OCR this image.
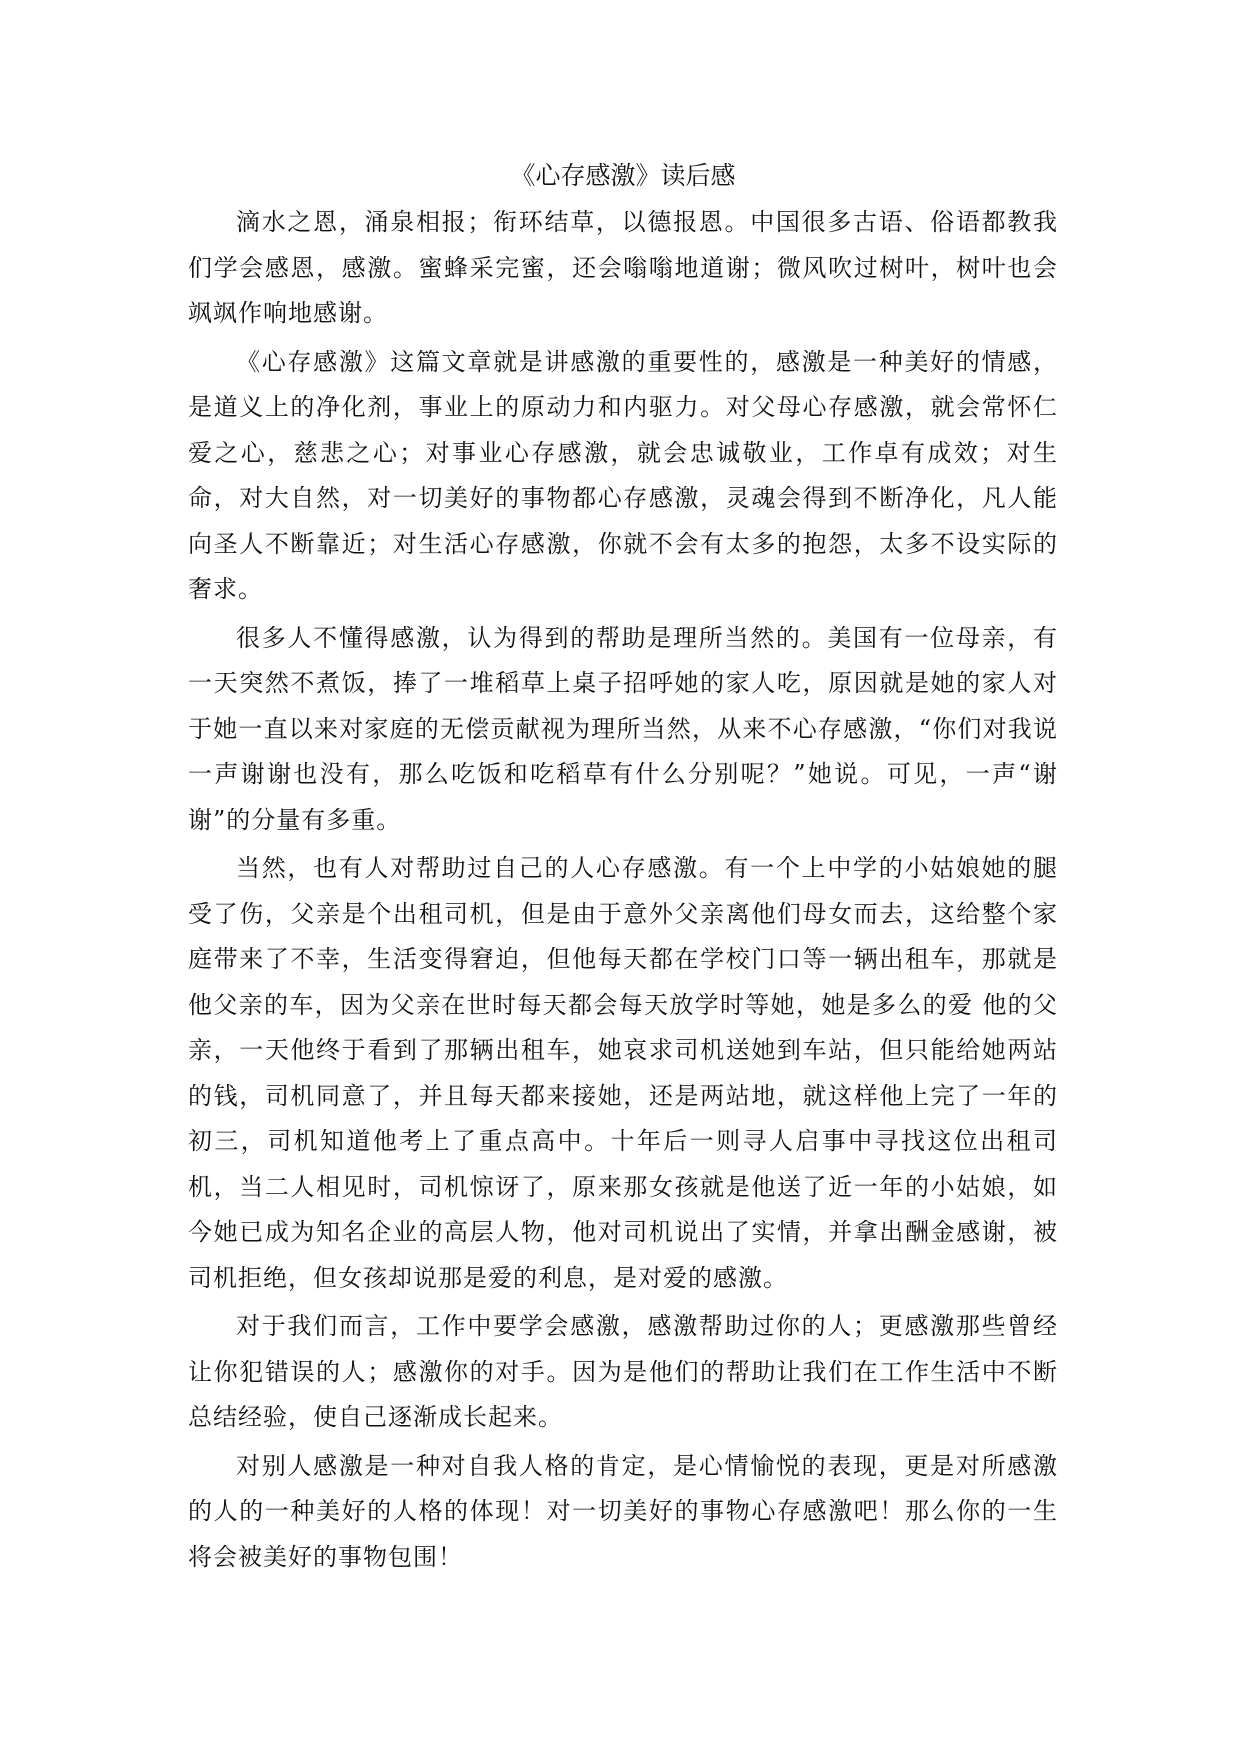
《心存感激》读后感

滴水之恩，涌泉相报；衔环结草，以德报恩。中国很多古语、俗语都教我们学会感恩，感激。蜜蜂采完蜜，还会嗡嗡地道谢；微风吹过树叶，树叶也会飒飒作响地感谢。

《心存感激》这篇文章就是讲感激的重要性的，感激是一种美好的情感，是道义上的净化剂，事业上的原动力和内驱力。对父母心存感激，就会常怀仁爱之心，慈悲之心；对事业心存感激，就会忠诚敬业，工作卓有成效；对生命，对大自然，对一切美好的事物都心存感激，灵魂会得到不断净化，凡人能向圣人不断靠近；对生活心存感激，你就不会有太多的抱怨，太多不设实际的奢求。

很多人不懂得感激，认为得到的帮助是理所当然的。美国有一位母亲，有一天突然不煮饭，捧了一堆稻草上桌子招呼她的家人吃，原因就是她的家人对于她一直以来对家庭的无偿贡献视为理所当然，从来不心存感激，“你们对我说一声谢谢也没有，那么吃饭和吃稻草有什么分别呢？”她说。可见，一声“谢谢”的分量有多重。

当然，也有人对帮助过自己的人心存感激。有一个上中学的小姑娘她的腿受了伤，父亲是个出租司机，但是由于意外父亲离他们母女而去，这给整个家庭带来了不幸，生活变得窘迫，但他每天都在学校门口等一辆出租车，那就是他父亲的车，因为父亲在世时每天都会每天放学时等她，她是多么的爱 他的父亲，一天他终于看到了那辆出租车，她哀求司机送她到车站，但只能给她两站的钱，司机同意了，并且每天都来接她，还是两站地，就这样他上完了一年的初三，司机知道他考上了重点高中。十年后一则寻人启事中寻找这位出租司机，当二人相见时，司机惊讶了，原来那女孩就是他送了近一年的小姑娘，如今她已成为知名企业的高层人物，他对司机说出了实情，并拿出酬金感谢，被司机拒绝，但女孩却说那是爱的利息，是对爱的感激。

对于我们而言，工作中要学会感激，感激帮助过你的人；更感激那些曾经让你犯错误的人；感激你的对手。因为是他们的帮助让我们在工作生活中不断总结经验，使自己逐渐成长起来。

对别人感激是一种对自我人格的肯定，是心情愉悦的表现，更是对所感激的人的一种美好的人格的体现！对一切美好的事物心存感激吧！那么你的一生将会被美好的事物包围！
